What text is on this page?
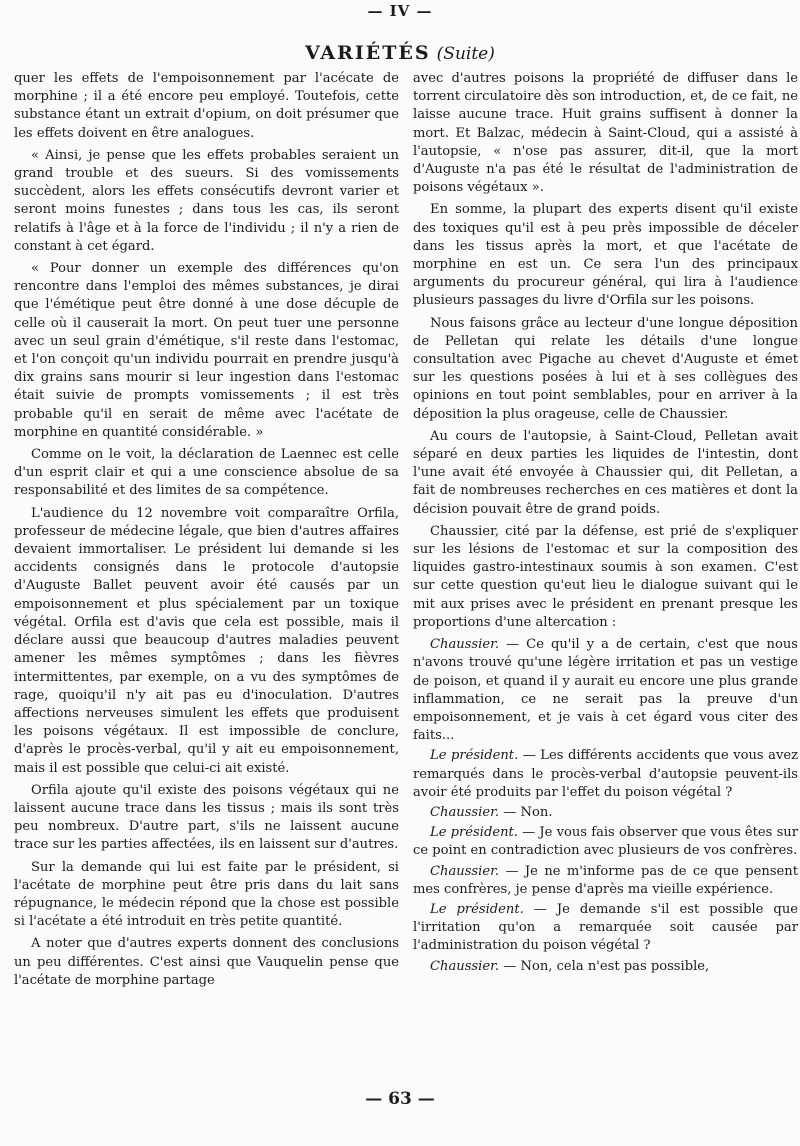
— IV —
VARIÉTÉS (Suite)

quer les effets de l'empoisonnement par l'acécate de morphine ; il a été encore peu employé. Toutefois, cette substance étant un extrait d'opium, on doit présumer que les effets doivent en être analogues.

« Ainsi, je pense que les effets probables seraient un grand trouble et des sueurs. Si des vomissements succèdent, alors les effets consécutifs devront varier et seront moins funestes ; dans tous les cas, ils seront relatifs à l'âge et à la force de l'individu ; il n'y a rien de constant à cet égard.

« Pour donner un exemple des différences qu'on rencontre dans l'emploi des mêmes substances, je dirai que l'émétique peut être donné à une dose décuple de celle où il causerait la mort. On peut tuer une personne avec un seul grain d'émétique, s'il reste dans l'estomac, et l'on conçoit qu'un individu pourrait en prendre jusqu'à dix grains sans mourir si leur ingestion dans l'estomac était suivie de prompts vomissements ; il est très probable qu'il en serait de même avec l'acétate de morphine en quantité considérable. »

Comme on le voit, la déclaration de Laennec est celle d'un esprit clair et qui a une conscience absolue de sa responsabilité et des limites de sa compétence.

L'audience du 12 novembre voit comparaître Orfila, professeur de médecine légale, que bien d'autres affaires devaient immortaliser. Le président lui demande si les accidents consignés dans le protocole d'autopsie d'Auguste Ballet peuvent avoir été causés par un empoisonnement et plus spécialement par un toxique végétal. Orfila est d'avis que cela est possible, mais il déclare aussi que beaucoup d'autres maladies peuvent amener les mêmes symptômes ; dans les fièvres intermittentes, par exemple, on a vu des symptômes de rage, quoiqu'il n'y ait pas eu d'inoculation. D'autres affections nerveuses simulent les effets que produisent les poisons végétaux. Il est impossible de conclure, d'après le procès-verbal, qu'il y ait eu empoisonnement, mais il est possible que celui-ci ait existé.

Orfila ajoute qu'il existe des poisons végétaux qui ne laissent aucune trace dans les tissus ; mais ils sont très peu nombreux. D'autre part, s'ils ne laissent aucune trace sur les parties affectées, ils en laissent sur d'autres.

Sur la demande qui lui est faite par le président, si l'acétate de morphine peut être pris dans du lait sans répugnance, le médecin répond que la chose est possible si l'acétate a été introduit en très petite quantité.

A noter que d'autres experts donnent des conclusions un peu différentes. C'est ainsi que Vauquelin pense que l'acétate de morphine partage

avec d'autres poisons la propriété de diffuser dans le torrent circulatoire dès son introduction, et, de ce fait, ne laisse aucune trace. Huit grains suffisent à donner la mort. Et Balzac, médecin à Saint-Cloud, qui a assisté à l'autopsie, « n'ose pas assurer, dit-il, que la mort d'Auguste n'a pas été le résultat de l'administration de poisons végétaux ».

En somme, la plupart des experts disent qu'il existe des toxiques qu'il est à peu près impossible de déceler dans les tissus après la mort, et que l'acétate de morphine en est un. Ce sera l'un des principaux arguments du procureur général, qui lira à l'audience plusieurs passages du livre d'Orfila sur les poisons.

Nous faisons grâce au lecteur d'une longue déposition de Pelletan qui relate les détails d'une longue consultation avec Pigache au chevet d'Auguste et émet sur les questions posées à lui et à ses collègues des opinions en tout point semblables, pour en arriver à la déposition la plus orageuse, celle de Chaussier.

Au cours de l'autopsie, à Saint-Cloud, Pelletan avait séparé en deux parties les liquides de l'intestin, dont l'une avait été envoyée à Chaussier qui, dit Pelletan, a fait de nombreuses recherches en ces matières et dont la décision pouvait être de grand poids.

Chaussier, cité par la défense, est prié de s'expliquer sur les lésions de l'estomac et sur la composition des liquides gastro-intestinaux soumis à son examen. C'est sur cette question qu'eut lieu le dialogue suivant qui le mit aux prises avec le président en prenant presque les proportions d'une altercation :

Chaussier. — Ce qu'il y a de certain, c'est que nous n'avons trouvé qu'une légère irritation et pas un vestige de poison, et quand il y aurait eu encore une plus grande inflammation, ce ne serait pas la preuve d'un empoisonnement, et je vais à cet égard vous citer des faits...

Le président. — Les différents accidents que vous avez remarqués dans le procès-verbal d'autopsie peuvent-ils avoir été produits par l'effet du poison végétal ?

Chaussier. — Non.

Le président. — Je vous fais observer que vous êtes sur ce point en contradiction avec plusieurs de vos confrères.

Chaussier. — Je ne m'informe pas de ce que pensent mes confrères, je pense d'après ma vieille expérience.

Le président. — Je demande s'il est possible que l'irritation qu'on a remarquée soit causée par l'administration du poison végétal ?

Chaussier. — Non, cela n'est pas possible,

— 63 —
